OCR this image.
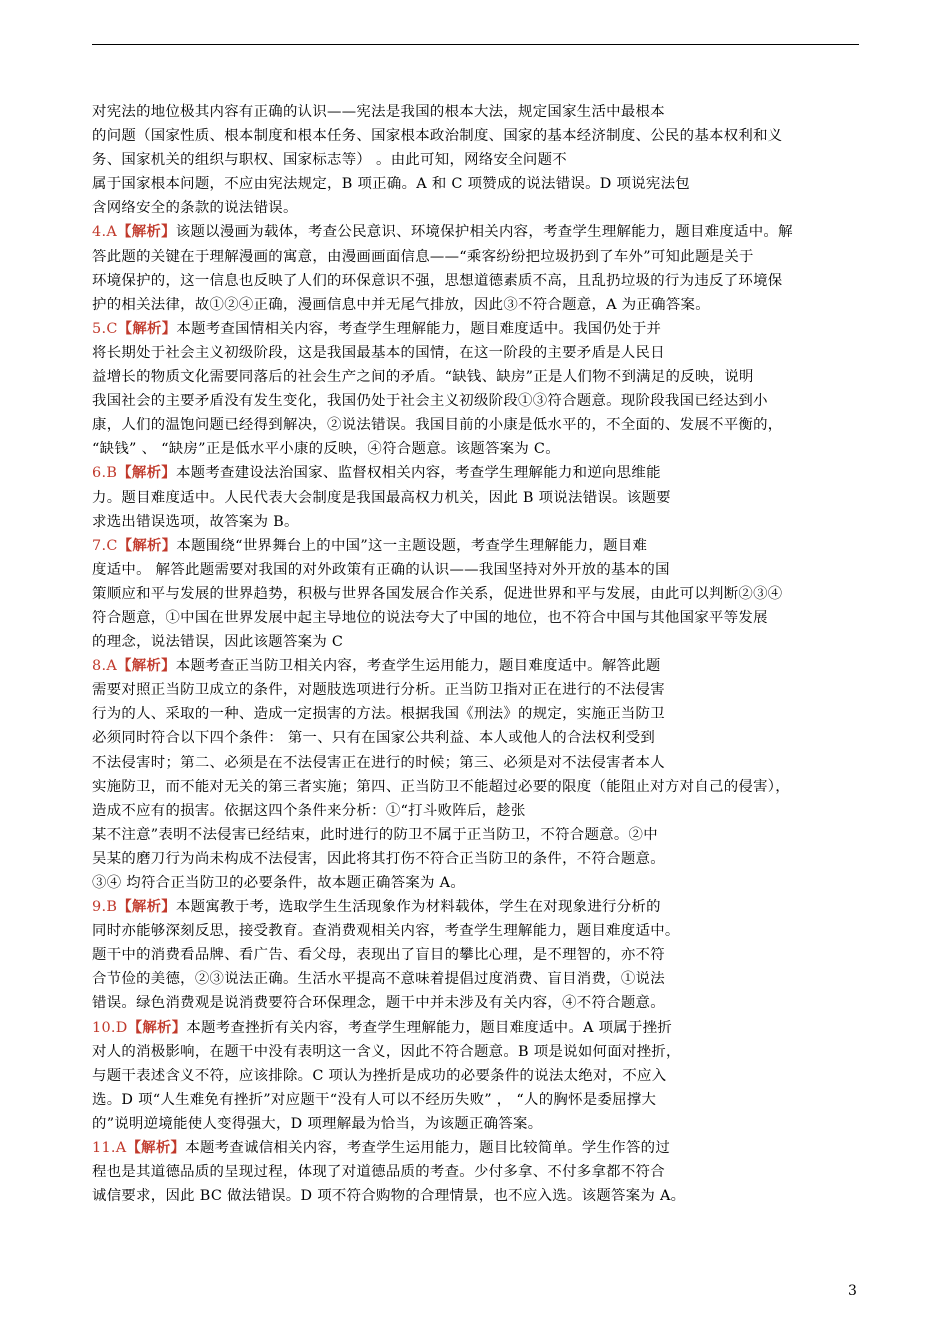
对宪法的地位极其内容有正确的认识——宪法是我国的根本大法，规定国家生活中最根本
的问题（国家性质、根本制度和根本任务、国家根本政治制度、国家的基本经济制度、公民的基本权利和义
务、国家机关的组织与职权、国家标志等） 。由此可知，网络安全问题不
属于国家根本问题，不应由宪法规定，B 项正确。A 和 C 项赞成的说法错误。D 项说宪法包
含网络安全的条款的说法错误。
4.A【解析】该题以漫画为载体，考查公民意识、环境保护相关内容，考查学生理解能力，题目难度适中。解
答此题的关键在于理解漫画的寓意，由漫画画面信息——“乘客纷纷把垃圾扔到了车外”可知此题是关于
环境保护的，这一信息也反映了人们的环保意识不强，思想道德素质不高，且乱扔垃圾的行为违反了环境保
护的相关法律，故①②④正确，漫画信息中并无尾气排放，因此③不符合题意，A 为正确答案。
5.C【解析】本题考查国情相关内容，考查学生理解能力，题目难度适中。我国仍处于并
将长期处于社会主义初级阶段，这是我国最基本的国情，在这一阶段的主要矛盾是人民日
益增长的物质文化需要同落后的社会生产之间的矛盾。“缺钱、缺房”正是人们物不到满足的反映，说明
我国社会的主要矛盾没有发生变化，我国仍处于社会主义初级阶段①③符合题意。现阶段我国已经达到小
康，人们的温饱问题已经得到解决，②说法错误。我国目前的小康是低水平的，不全面的、发展不平衡的，
“缺钱” 、 “缺房”正是低水平小康的反映，④符合题意。该题答案为 C。
6.B【解析】本题考查建设法治国家、监督权相关内容，考查学生理解能力和逆向思维能
力。题目难度适中。人民代表大会制度是我国最高权力机关，因此 B 项说法错误。该题要
求选出错误选项，故答案为 B。
7.C【解析】本题围绕“世界舞台上的中国”这一主题设题，考查学生理解能力，题目难
度适中。 解答此题需要对我国的对外政策有正确的认识——我国坚持对外开放的基本的国
策顺应和平与发展的世界趋势，积极与世界各国发展合作关系，促进世界和平与发展，由此可以判断②③④
符合题意，①中国在世界发展中起主导地位的说法夸大了中国的地位，也不符合中国与其他国家平等发展
的理念，说法错误，因此该题答案为 C
8.A【解析】本题考查正当防卫相关内容，考查学生运用能力，题目难度适中。解答此题
需要对照正当防卫成立的条件，对题肢选项进行分析。正当防卫指对正在进行的不法侵害
行为的人、采取的一种、造成一定损害的方法。根据我国《刑法》的规定，实施正当防卫
必须同时符合以下四个条件： 第一、只有在国家公共利益、本人或他人的合法权利受到
不法侵害时；第二、必须是在不法侵害正在进行的时候；第三、必须是对不法侵害者本人
实施防卫，而不能对无关的第三者实施；第四、正当防卫不能超过必要的限度（能阻止对方对自己的侵害），
造成不应有的损害。依据这四个条件来分析：①“打斗败阵后，趁张
某不注意”表明不法侵害已经结束，此时进行的防卫不属于正当防卫，不符合题意。②中
吴某的磨刀行为尚未构成不法侵害，因此将其打伤不符合正当防卫的条件，不符合题意。
③④ 均符合正当防卫的必要条件，故本题正确答案为 A。
9.B【解析】本题寓教于考，选取学生生活现象作为材料载体，学生在对现象进行分析的
同时亦能够深刻反思，接受教育。查消费观相关内容，考查学生理解能力，题目难度适中。
题干中的消费看品牌、看广告、看父母，表现出了盲目的攀比心理，是不理智的，亦不符
合节俭的美德，②③说法正确。生活水平提高不意味着提倡过度消费、盲目消费，①说法
错误。绿色消费观是说消费要符合环保理念，题干中并未涉及有关内容，④不符合题意。
10.D【解析】本题考查挫折有关内容，考查学生理解能力，题目难度适中。A 项属于挫折
对人的消极影响，在题干中没有表明这一含义，因此不符合题意。B 项是说如何面对挫折，
与题干表述含义不符，应该排除。C 项认为挫折是成功的必要条件的说法太绝对，不应入
选。D 项“人生难免有挫折”对应题干“没有人可以不经历失败” ， “人的胸怀是委屈撑大
的”说明逆境能使人变得强大，D 项理解最为恰当，为该题正确答案。
11.A【解析】本题考查诚信相关内容，考查学生运用能力，题目比较简单。学生作答的过
程也是其道德品质的呈现过程，体现了对道德品质的考查。少付多拿、不付多拿都不符合
诚信要求，因此 BC 做法错误。D 项不符合购物的合理情景，也不应入选。该题答案为 A。
3
